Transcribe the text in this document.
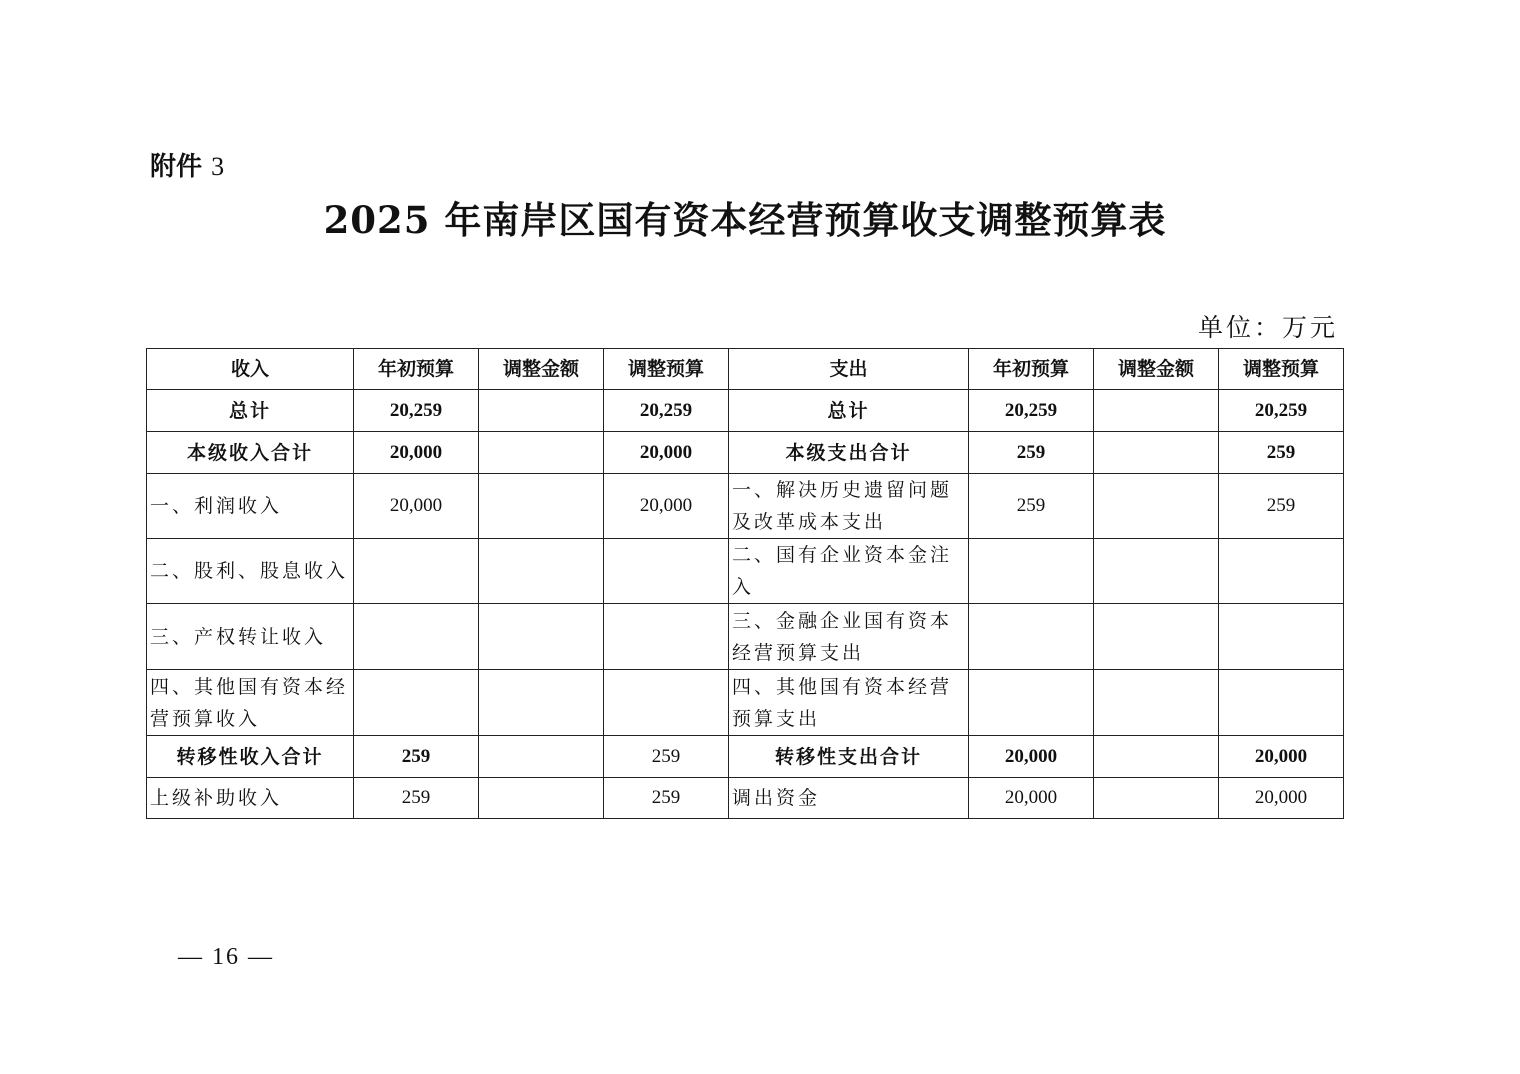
附件 3
2025 年南岸区国有资本经营预算收支调整预算表
单位：万元
收入	年初预算	调整金额	调整预算	支出	年初预算	调整金额	调整预算
总计	20,259		20,259	总计	20,259		20,259
本级收入合计	20,000		20,000	本级支出合计	259		259
一、利润收入	20,000		20,000	一、解决历史遗留问题及改革成本支出	259		259
二、股利、股息收入				二、国有企业资本金注入			
三、产权转让收入				三、金融企业国有资本经营预算支出			
四、其他国有资本经营预算收入				四、其他国有资本经营预算支出			
转移性收入合计	259		259	转移性支出合计	20,000		20,000
上级补助收入	259		259	调出资金	20,000		20,000
— 16 —
